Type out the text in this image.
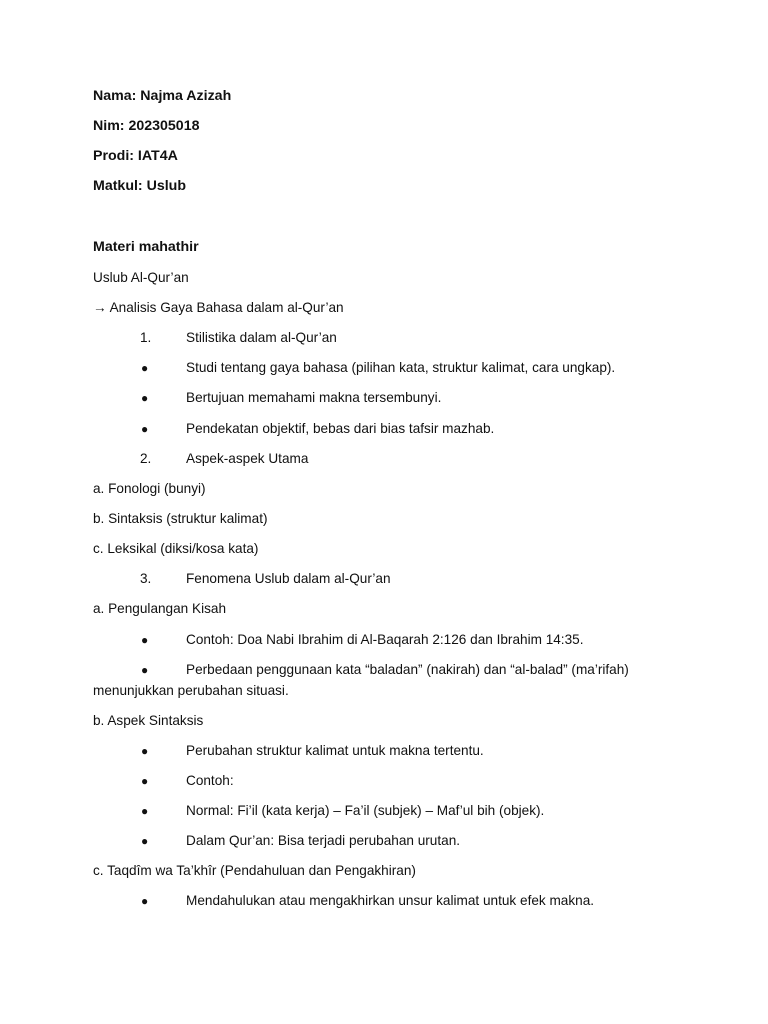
Nama: Najma Azizah
Nim: 202305018
Prodi: IAT4A
Matkul: Uslub
Materi mahathir
Uslub Al-Qur’an
→ Analisis Gaya Bahasa dalam al-Qur’an
1.	Stilistika dalam al-Qur’an
●	Studi tentang gaya bahasa (pilihan kata, struktur kalimat, cara ungkap).
●	Bertujuan memahami makna tersembunyi.
●	Pendekatan objektif, bebas dari bias tafsir mazhab.
2.	Aspek-aspek Utama
a. Fonologi (bunyi)
b. Sintaksis (struktur kalimat)
c. Leksikal (diksi/kosa kata)
3.	Fenomena Uslub dalam al-Qur’an
a. Pengulangan Kisah
●	Contoh: Doa Nabi Ibrahim di Al-Baqarah 2:126 dan Ibrahim 14:35.
●	Perbedaan penggunaan kata “baladan” (nakirah) dan “al-balad” (ma’rifah)
menunjukkan perubahan situasi.
b. Aspek Sintaksis
●	Perubahan struktur kalimat untuk makna tertentu.
●	Contoh:
●	Normal: Fi’il (kata kerja) – Fa’il (subjek) – Maf’ul bih (objek).
●	Dalam Qur’an: Bisa terjadi perubahan urutan.
c. Taqdîm wa Ta’khîr (Pendahuluan dan Pengakhiran)
●	Mendahulukan atau mengakhirkan unsur kalimat untuk efek makna.
